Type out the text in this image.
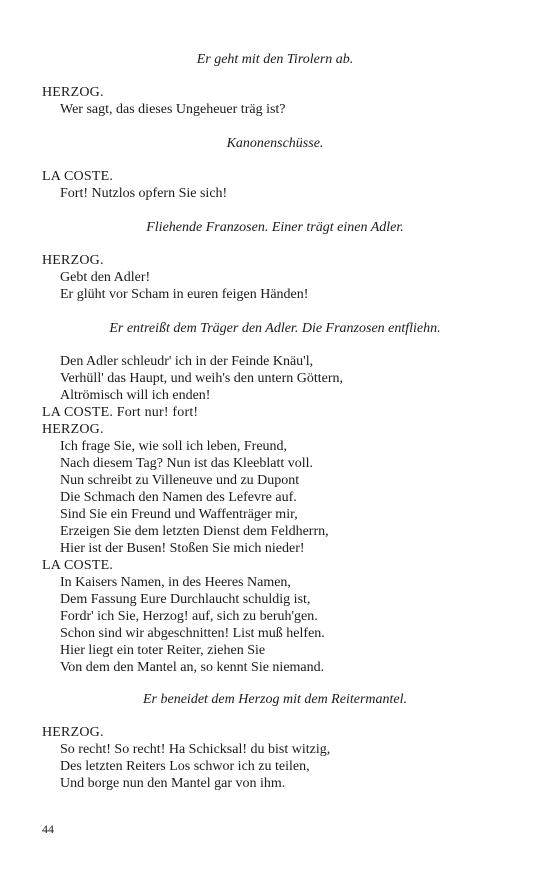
Er geht mit den Tirolern ab.
HERZOG.
Wer sagt, das dieses Ungeheuer träg ist?
Kanonenschüsse.
LA COSTE.
Fort! Nutzlos opfern Sie sich!
Fliehende Franzosen. Einer trägt einen Adler.
HERZOG.
Gebt den Adler!
Er glüht vor Scham in euren feigen Händen!
Er entreißt dem Träger den Adler. Die Franzosen entfliehn.
Den Adler schleudr' ich in der Feinde Knäu'l,
Verhüll' das Haupt, und weih's den untern Göttern,
Altrömisch will ich enden!
LA COSTE. Fort nur! fort!
HERZOG.
Ich frage Sie, wie soll ich leben, Freund,
Nach diesem Tag? Nun ist das Kleeblatt voll.
Nun schreibt zu Villeneuve und zu Dupont
Die Schmach den Namen des Lefevre auf.
Sind Sie ein Freund und Waffenträger mir,
Erzeigen Sie dem letzten Dienst dem Feldherrn,
Hier ist der Busen! Stoßen Sie mich nieder!
LA COSTE.
In Kaisers Namen, in des Heeres Namen,
Dem Fassung Eure Durchlaucht schuldig ist,
Fordr' ich Sie, Herzog! auf, sich zu beruh'gen.
Schon sind wir abgeschnitten! List muß helfen.
Hier liegt ein toter Reiter, ziehen Sie
Von dem den Mantel an, so kennt Sie niemand.
Er beneidet dem Herzog mit dem Reitermantel.
HERZOG.
So recht! So recht! Ha Schicksal! du bist witzig,
Des letzten Reiters Los schwor ich zu teilen,
Und borge nun den Mantel gar von ihm.
44
